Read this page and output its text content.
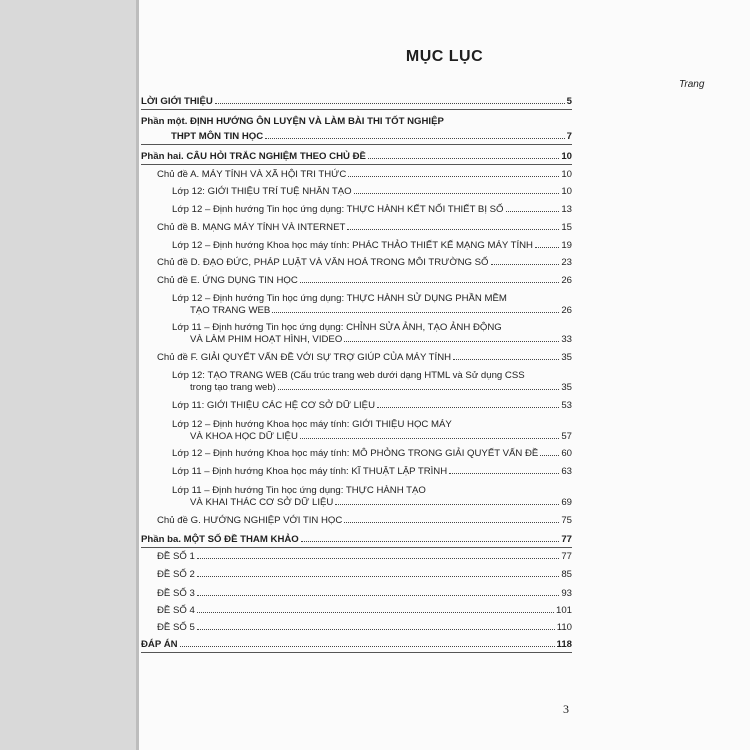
MỤC LỤC
Trang
LỜI GIỚI THIỆU	5
Phần một. ĐỊNH HƯỚNG ÔN LUYỆN VÀ LÀM BÀI THI TỐT NGHIỆP
THPT MÔN TIN HỌC	7
Phần hai. CÂU HỎI TRẮC NGHIỆM THEO CHỦ ĐỀ	10
Chủ đề A. MÁY TÍNH VÀ XÃ HỘI TRI THỨC	10
Lớp 12: GIỚI THIỆU TRÍ TUỆ NHÂN TẠO	10
Lớp 12 – Định hướng Tin học ứng dụng: THỰC HÀNH KẾT NỐI THIẾT BỊ SỐ	13
Chủ đề B. MẠNG MÁY TÍNH VÀ INTERNET	15
Lớp 12 – Định hướng Khoa học máy tính: PHÁC THẢO THIẾT KẾ MẠNG MÁY TÍNH	19
Chủ đề D. ĐẠO ĐỨC, PHÁP LUẬT VÀ VĂN HOÁ TRONG MÔI TRƯỜNG SỐ	23
Chủ đề E. ỨNG DỤNG TIN HỌC	26
Lớp 12 – Định hướng Tin học ứng dụng: THỰC HÀNH SỬ DỤNG PHẦN MỀM
TẠO TRANG WEB	26
Lớp 11 – Định hướng Tin học ứng dụng: CHỈNH SỬA ẢNH, TẠO ẢNH ĐỘNG
VÀ LÀM PHIM HOẠT HÌNH, VIDEO	33
Chủ đề F. GIẢI QUYẾT VẤN ĐỀ VỚI SỰ TRỢ GIÚP CỦA MÁY TÍNH	35
Lớp 12: TẠO TRANG WEB (Cấu trúc trang web dưới dạng HTML và Sử dụng CSS
trong tạo trang web)	35
Lớp 11: GIỚI THIỆU CÁC HỆ CƠ SỞ DỮ LIỆU	53
Lớp 12 – Định hướng Khoa học máy tính: GIỚI THIỆU HỌC MÁY
VÀ KHOA HỌC DỮ LIỆU	57
Lớp 12 – Định hướng Khoa học máy tính: MÔ PHỎNG TRONG GIẢI QUYẾT VẤN ĐỀ	60
Lớp 11 – Định hướng Khoa học máy tính: KĨ THUẬT LẬP TRÌNH	63
Lớp 11 – Định hướng Tin học ứng dụng: THỰC HÀNH TẠO
VÀ KHAI THÁC CƠ SỞ DỮ LIỆU	69
Chủ đề G. HƯỚNG NGHIỆP VỚI TIN HỌC	75
Phần ba. MỘT SỐ ĐỀ THAM KHẢO	77
ĐỀ SỐ 1	77
ĐỀ SỐ 2	85
ĐỀ SỐ 3	93
ĐỀ SỐ 4	101
ĐỀ SỐ 5	110
ĐÁP ÁN	118
3
